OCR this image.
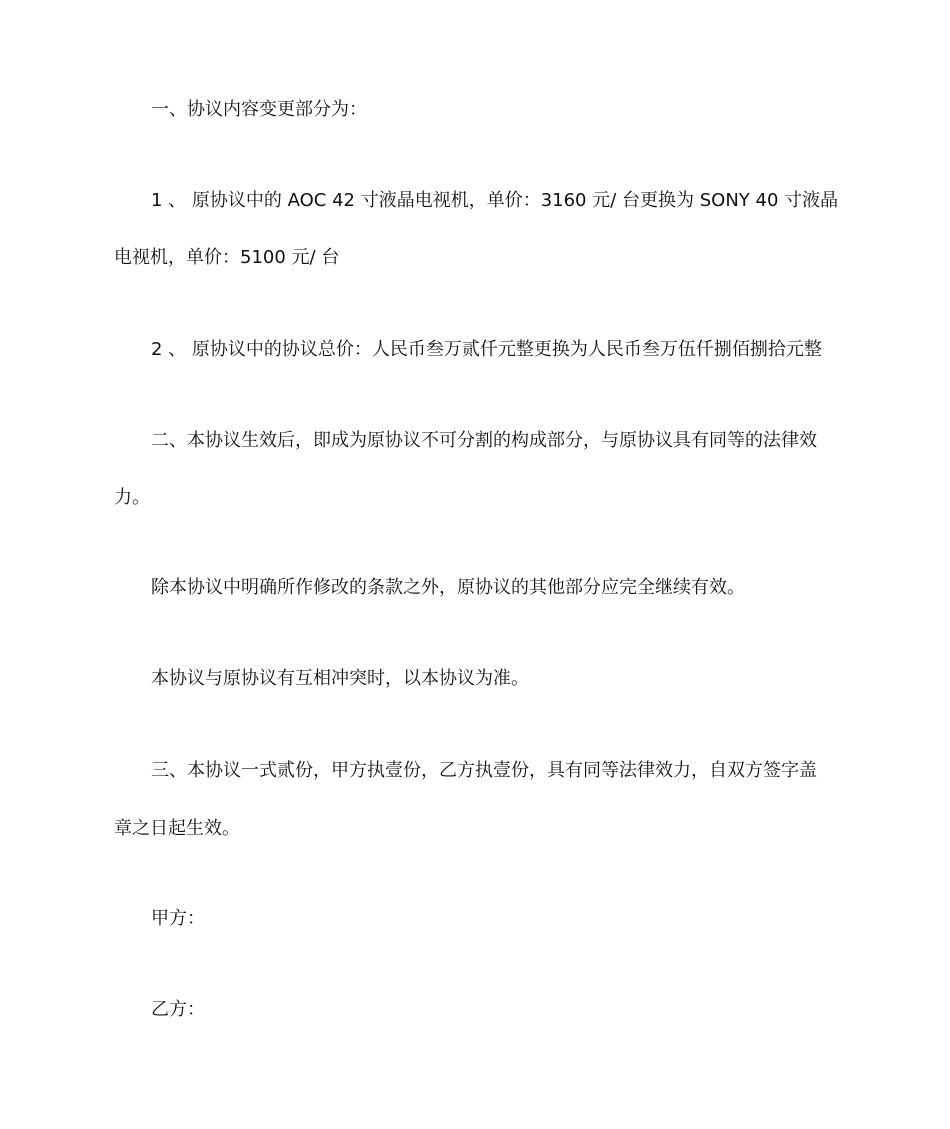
一、协议内容变更部分为：
1 、 原协议中的 AOC 42 寸液晶电视机，单价：3160 元/ 台更换为 SONY 40 寸液晶
电视机，单价：5100 元/ 台
2 、 原协议中的协议总价：人民币叁万贰仟元整更换为人民币叁万伍仟捌佰捌拾元整
二、本协议生效后，即成为原协议不可分割的构成部分，与原协议具有同等的法律效
力。
除本协议中明确所作修改的条款之外，原协议的其他部分应完全继续有效。
本协议与原协议有互相冲突时，以本协议为准。
三、本协议一式贰份，甲方执壹份，乙方执壹份，具有同等法律效力，自双方签字盖
章之日起生效。
甲方：
乙方：
